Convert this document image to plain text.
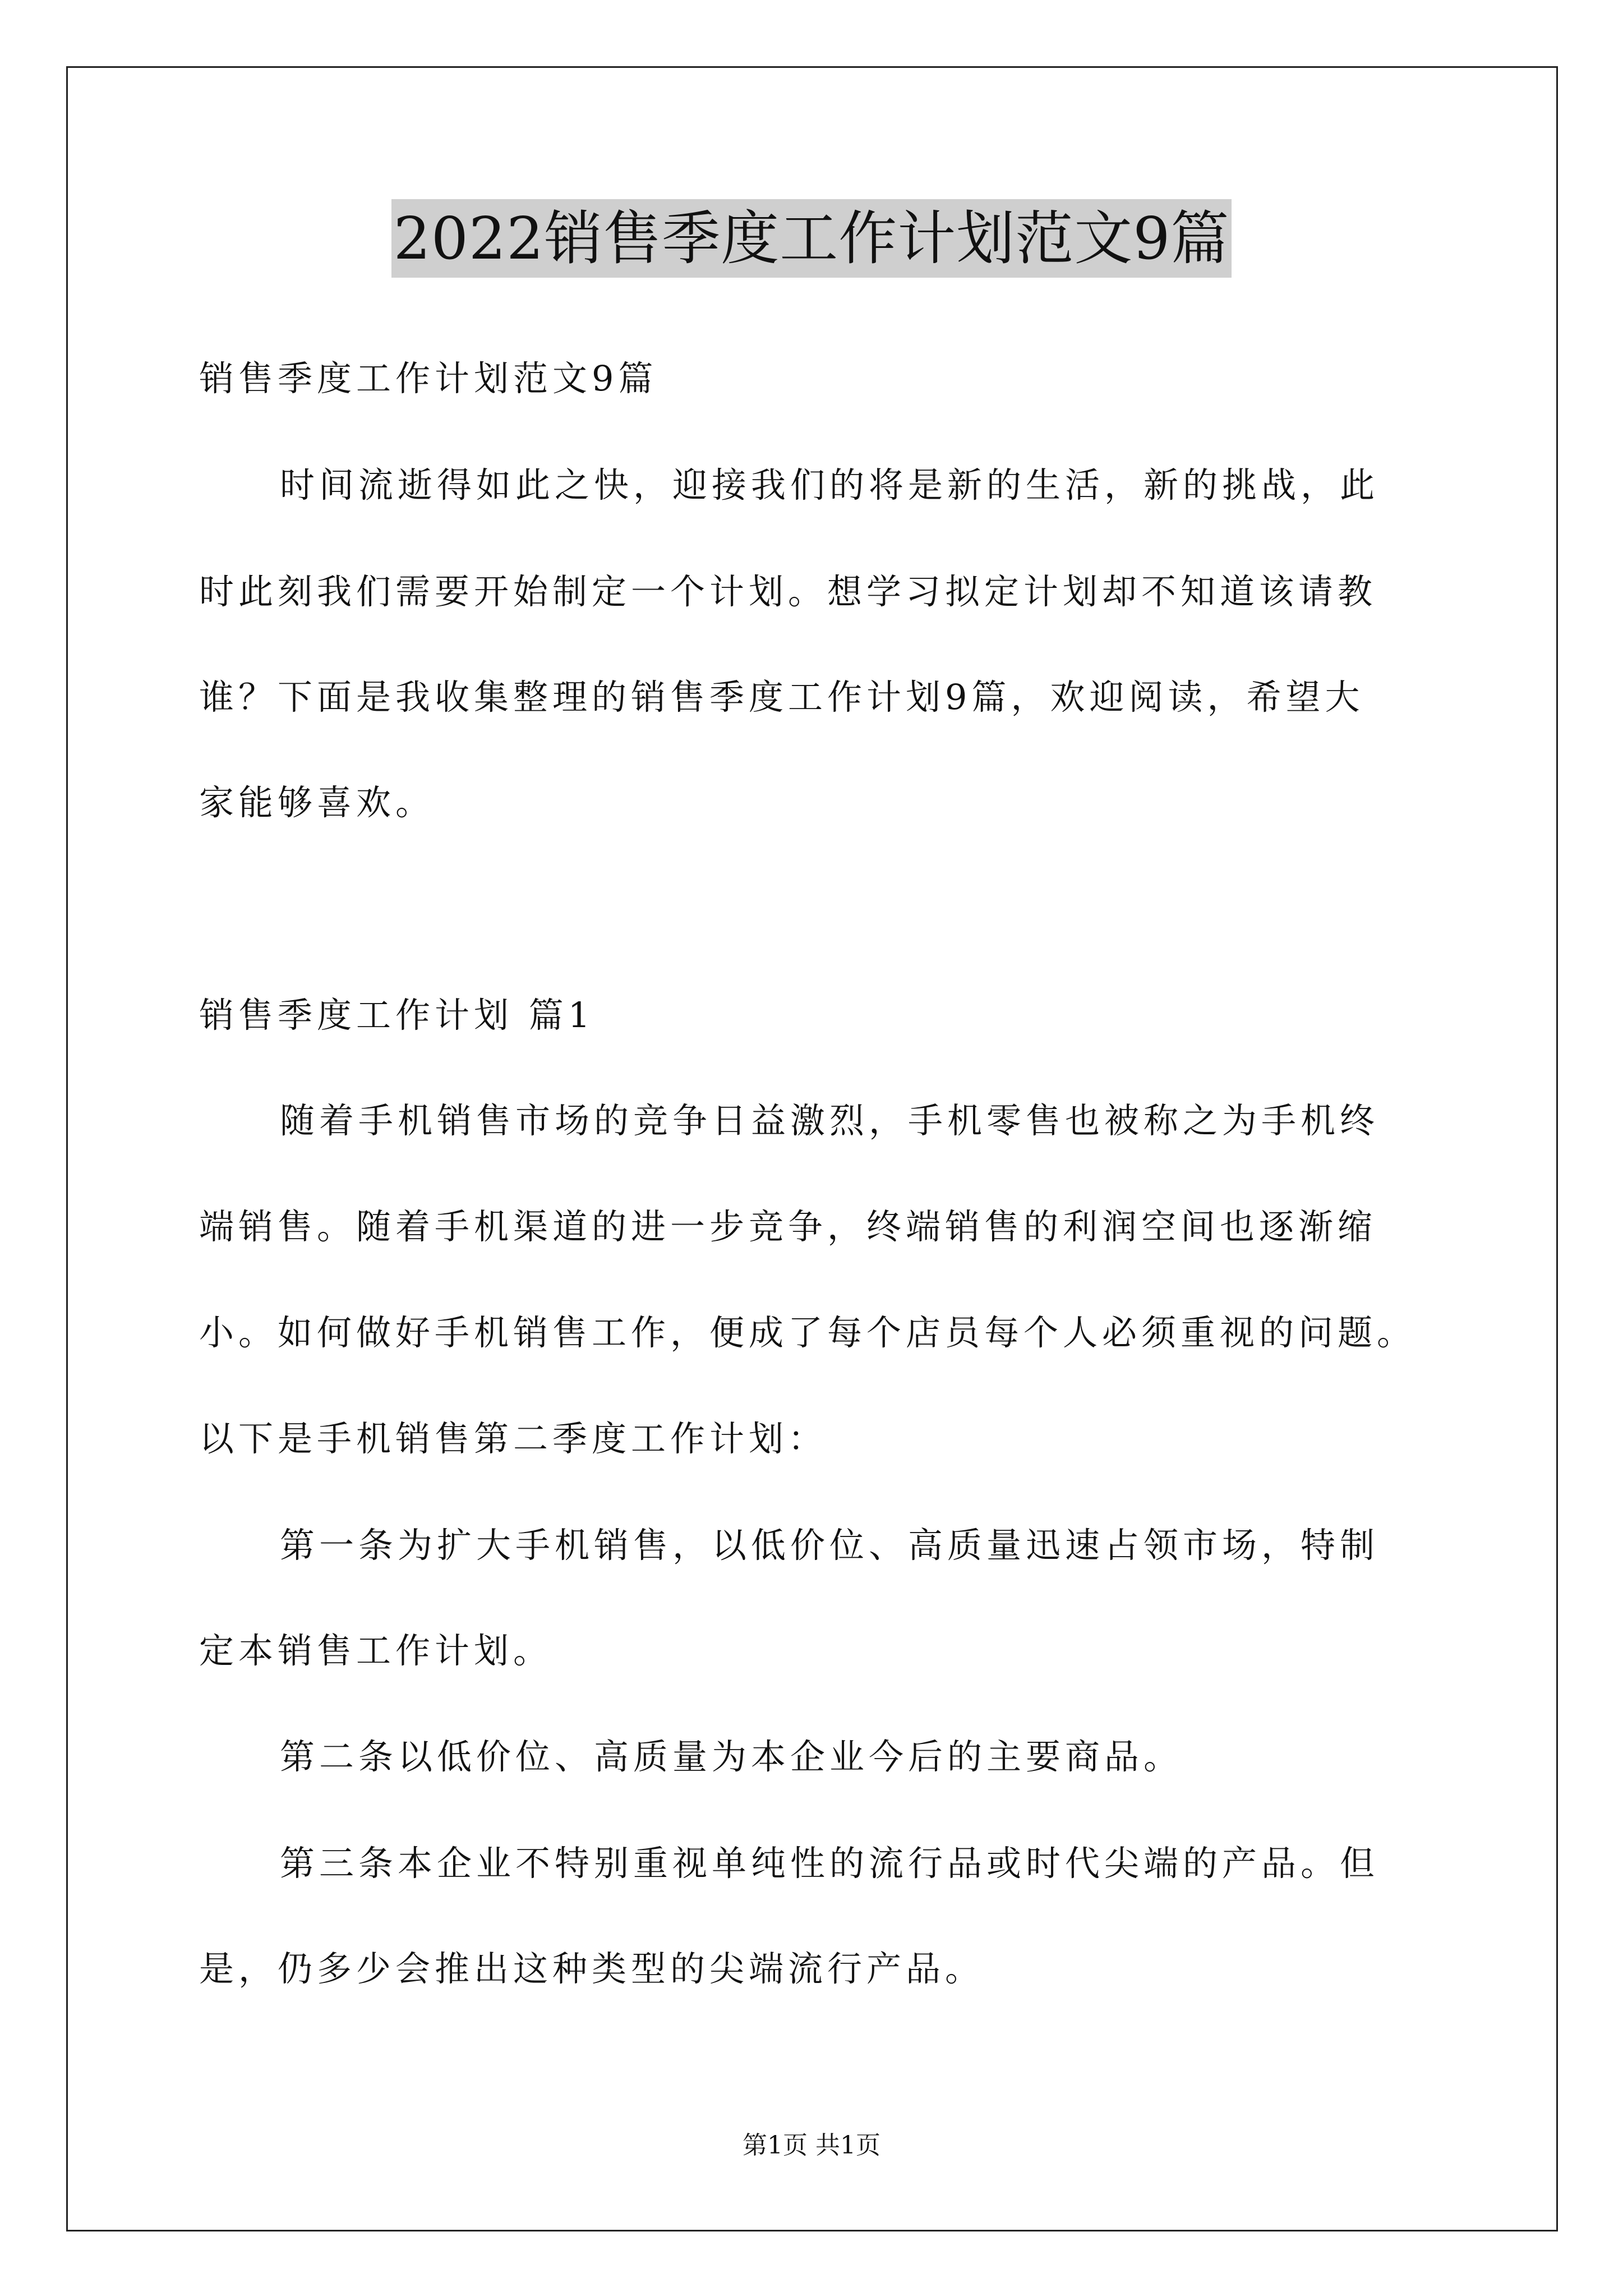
2022销售季度工作计划范文9篇
销售季度工作计划范文9篇
时间流逝得如此之快，迎接我们的将是新的生活，新的挑战，此
时此刻我们需要开始制定一个计划。想学习拟定计划却不知道该请教
谁？下面是我收集整理的销售季度工作计划9篇，欢迎阅读，希望大
家能够喜欢。
销售季度工作计划 篇1
随着手机销售市场的竞争日益激烈，手机零售也被称之为手机终
端销售。随着手机渠道的进一步竞争，终端销售的利润空间也逐渐缩
小。如何做好手机销售工作，便成了每个店员每个人必须重视的问题。
以下是手机销售第二季度工作计划：
第一条为扩大手机销售，以低价位、高质量迅速占领市场，特制
定本销售工作计划。
第二条以低价位、高质量为本企业今后的主要商品。
第三条本企业不特别重视单纯性的流行品或时代尖端的产品。但
是，仍多少会推出这种类型的尖端流行产品。
第1页 共1页
